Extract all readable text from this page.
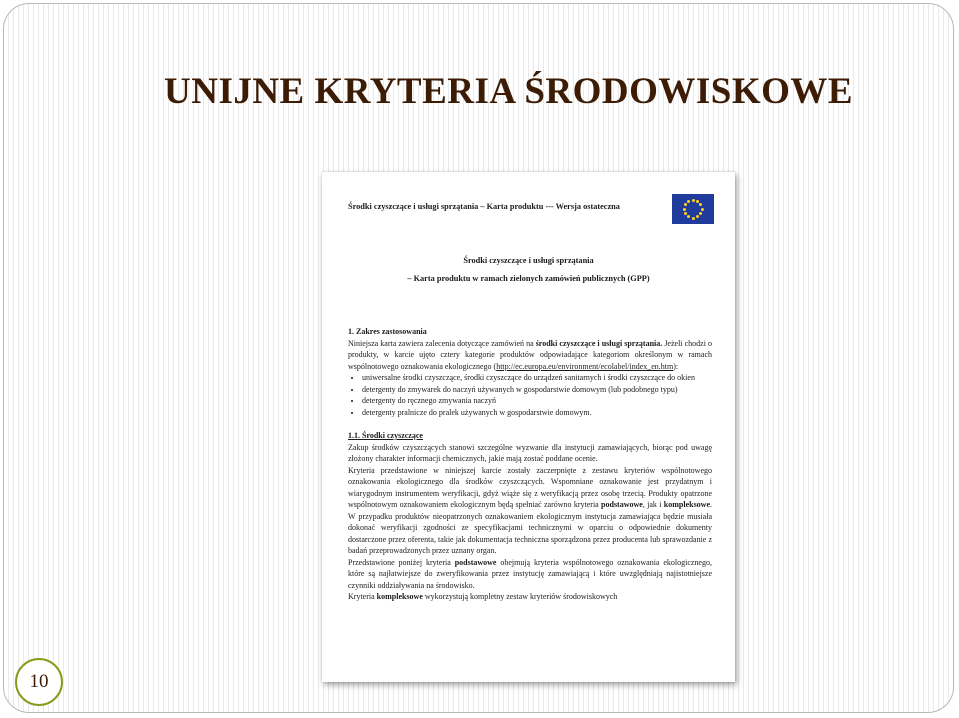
UNIJNE KRYTERIA ŚRODOWISKOWE
Środki czyszczące i usługi sprzątania – Karta produktu --- Wersja ostateczna
Środki czyszczące i usługi sprzątania
– Karta produktu w ramach zielonych zamówień publicznych (GPP)
1. Zakres zastosowania

Niniejsza karta zawiera zalecenia dotyczące zamówień na środki czyszczące i usługi sprzątania. Jeżeli chodzi o produkty, w karcie ujęto cztery kategorie produktów odpowiadające kategoriom określonym w ramach wspólnotowego oznakowania ekologicznego (http://ec.europa.eu/environment/ecolabel/index_en.htm):

• uniwersalne środki czyszczące, środki czyszczące do urządzeń sanitarnych i środki czyszczące do okien
• detergenty do zmywarek do naczyń używanych w gospodarstwie domowym (lub podobnego typu)
• detergenty do ręcznego zmywania naczyń
• detergenty pralnicze do pralek używanych w gospodarstwie domowym.
1.1. Środki czyszczące

Zakup środków czyszczących stanowi szczególne wyzwanie dla instytucji zamawiających, biorąc pod uwagę złożony charakter informacji chemicznych, jakie mają zostać poddane ocenie.

Kryteria przedstawione w niniejszej karcie zostały zaczerpnięte z zestawu kryteriów wspólnotowego oznakowania ekologicznego dla środków czyszczących. Wspomniane oznakowanie jest przydatnym i wiarygodnym instrumentem weryfikacji, gdyż wiąże się z weryfikacją przez osobę trzecią. Produkty opatrzone wspólnotowym oznakowaniem ekologicznym będą spełniać zarówno kryteria podstawowe, jak i kompleksowe. W przypadku produktów nieopatrzonych oznakowaniem ekologicznym instytucja zamawiająca będzie musiała dokonać weryfikacji zgodności ze specyfikacjami technicznymi w oparciu o odpowiednie dokumenty dostarczone przez oferenta, takie jak dokumentacja techniczna sporządzona przez producenta lub sprawozdanie z badań przeprowadzonych przez uznany organ.

Przedstawione poniżej kryteria podstawowe obejmują kryteria wspólnotowego oznakowania ekologicznego, które są najłatwiejsze do zweryfikowania przez instytucję zamawiającą i które uwzględniają najistotniejsze czynniki oddziaływania na środowisko.

Kryteria kompleksowe wykorzystują kompletny zestaw kryteriów środowiskowych

10
